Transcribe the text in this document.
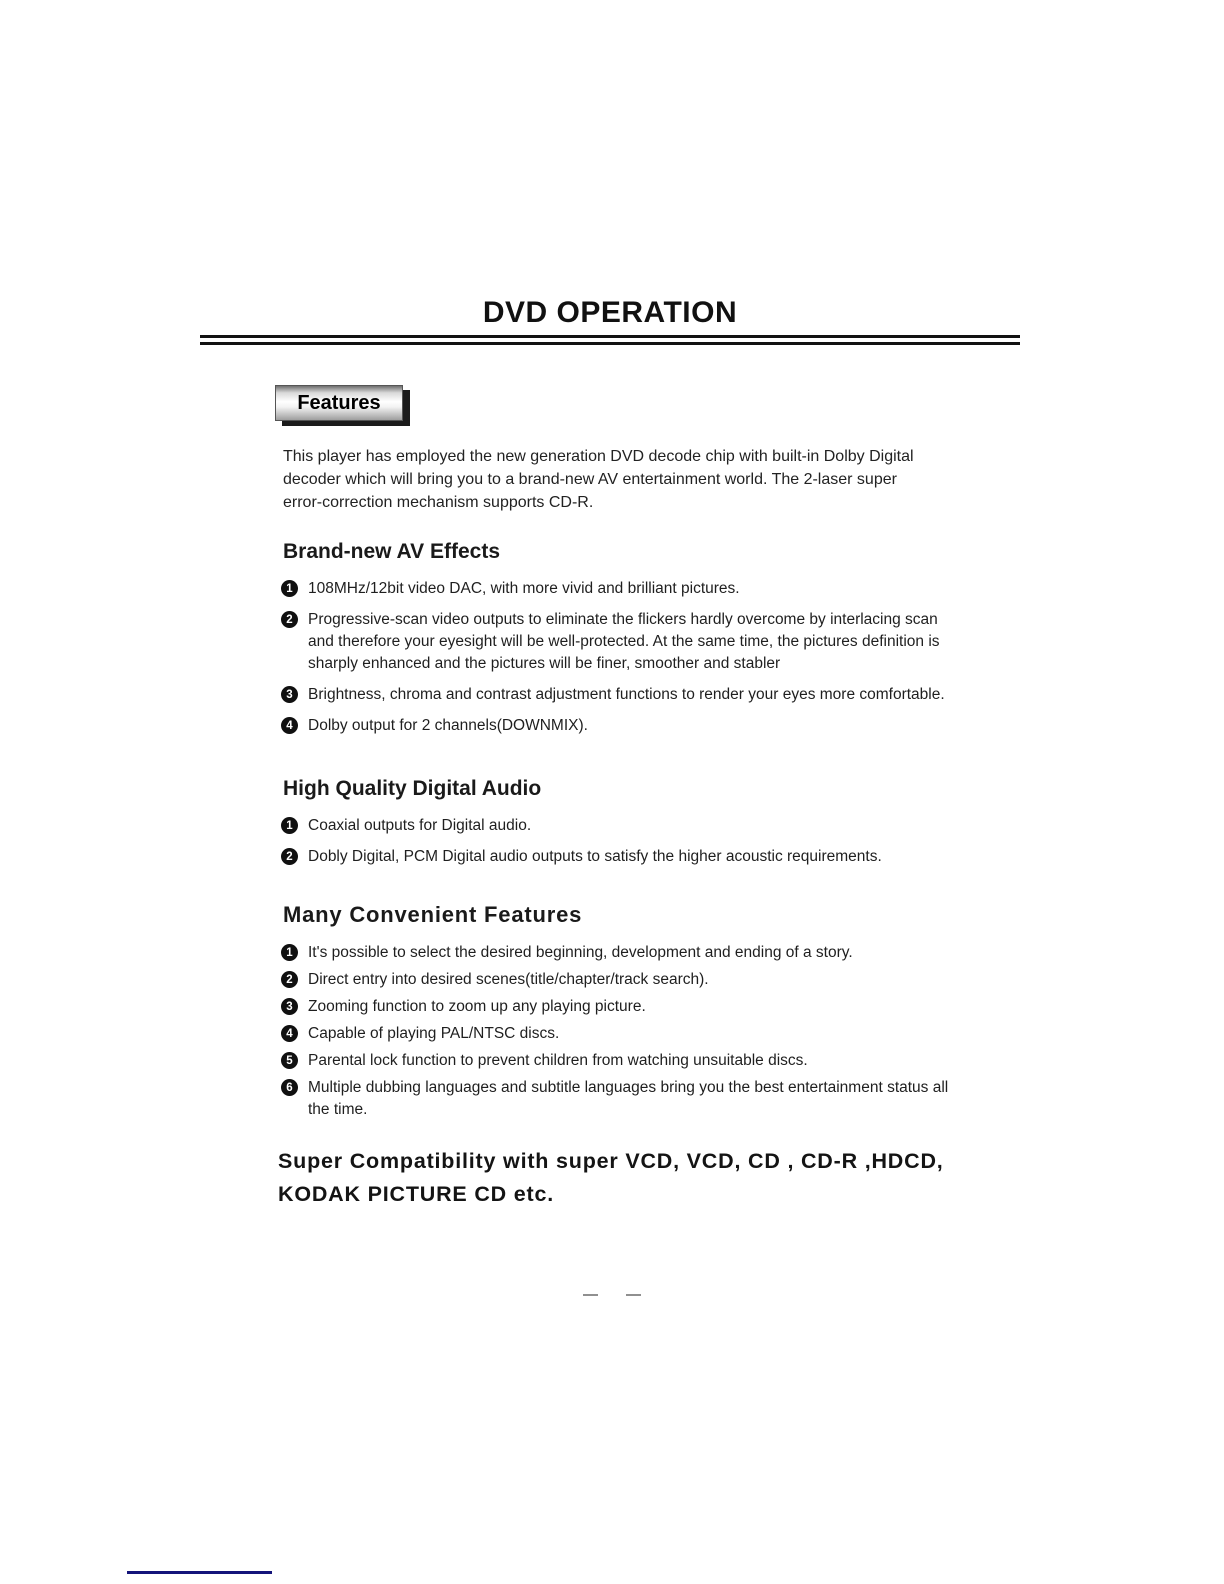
DVD OPERATION
Features

This player has employed the new generation DVD decode chip with built-in Dolby Digital decoder which will bring you to a brand-new AV entertainment world. The 2-laser super error-correction mechanism supports CD-R.

Brand-new AV Effects
1 108MHz/12bit video DAC, with more vivid and brilliant pictures.
2 Progressive-scan video outputs to eliminate the flickers hardly overcome by interlacing scan and therefore your eyesight will be well-protected. At the same time, the pictures definition is sharply enhanced and the pictures will be finer, smoother and stabler
3 Brightness, chroma and contrast adjustment functions to render your eyes more comfortable.
4 Dolby output for 2 channels(DOWNMIX).
High Quality Digital Audio
1 Coaxial outputs for Digital audio.
2 Dobly Digital, PCM Digital audio outputs to satisfy the higher acoustic requirements.
Many Convenient Features
1 It's possible to select the desired beginning, development and ending of a story.
2 Direct entry into desired scenes(title/chapter/track search).
3 Zooming function to zoom up any playing picture.
4 Capable of playing PAL/NTSC discs.
5 Parental lock function to prevent children from watching unsuitable discs.
6 Multiple dubbing languages and subtitle languages bring you the best entertainment status all the time.
Super Compatibility with super VCD, VCD, CD , CD-R ,HDCD,
KODAK PICTURE CD etc.
— —
